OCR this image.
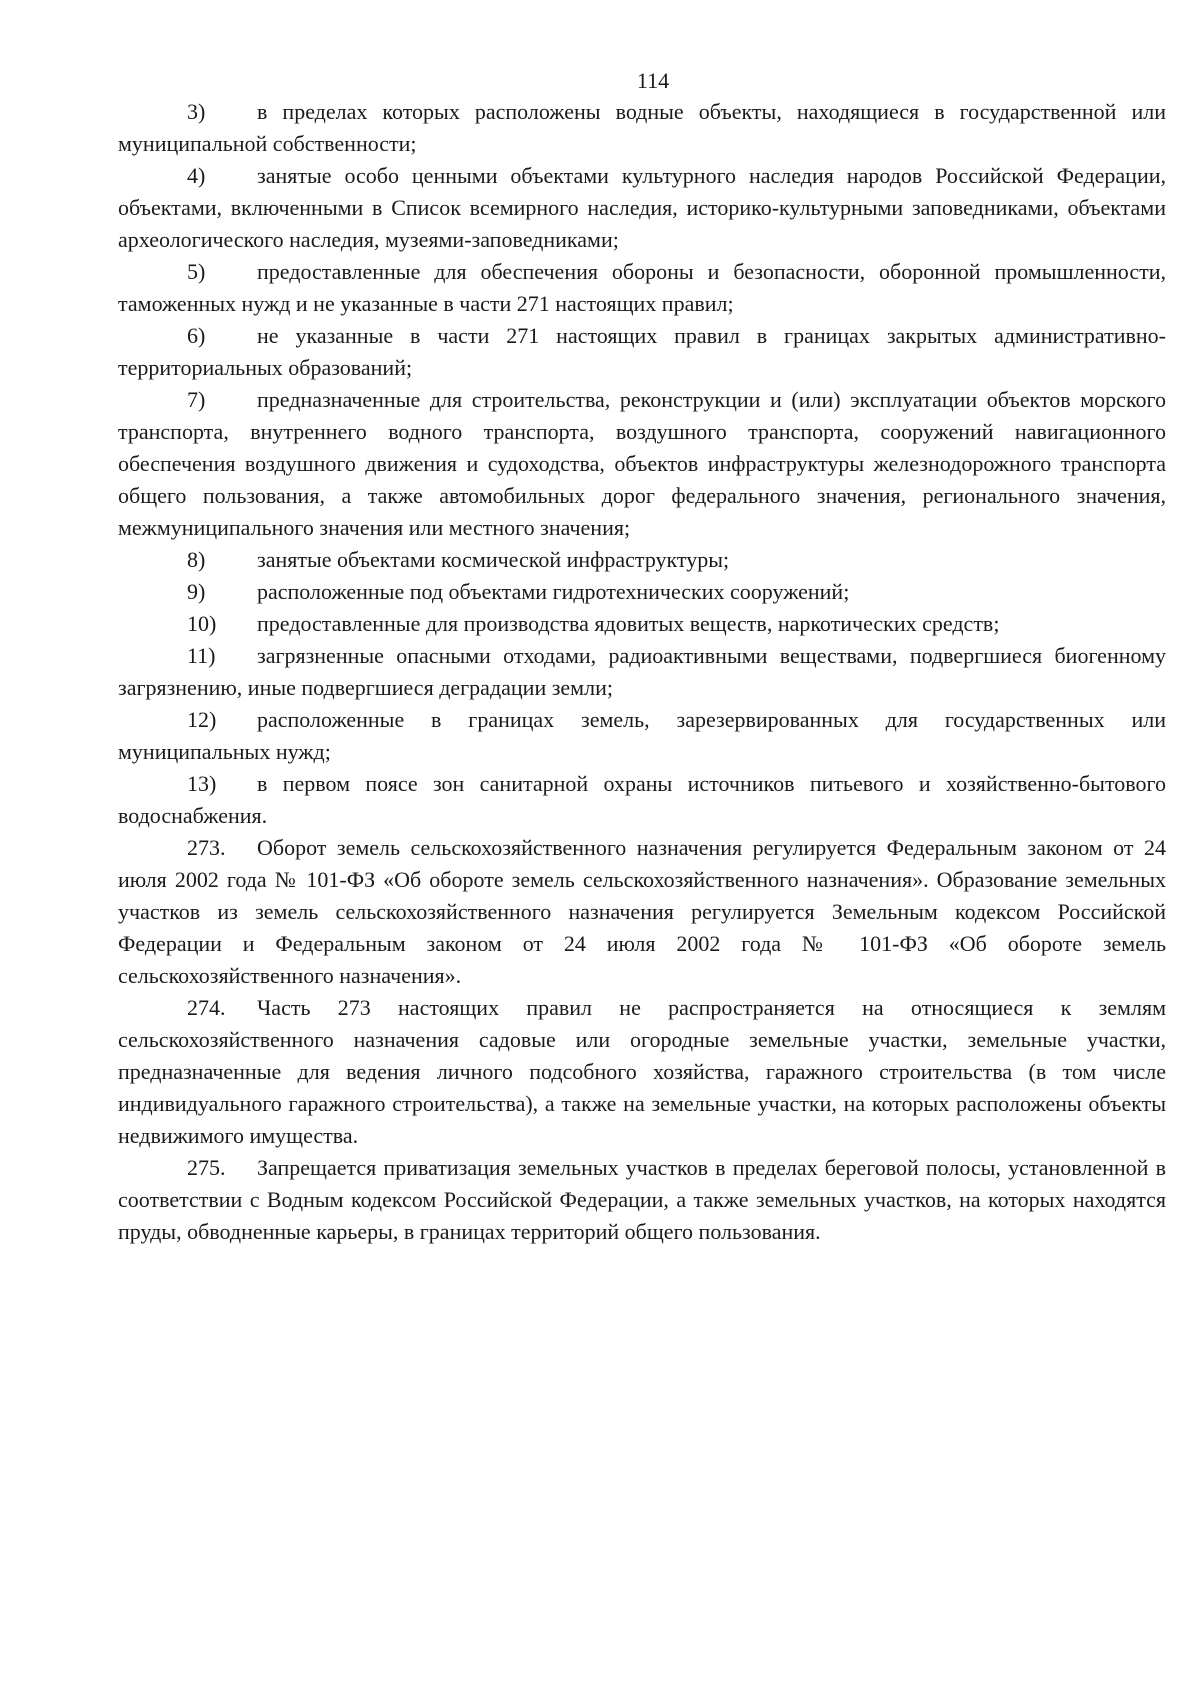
114

3) в пределах которых расположены водные объекты, находящиеся в государственной или муниципальной собственности;

4) занятые особо ценными объектами культурного наследия народов Российской Федерации, объектами, включенными в Список всемирного наследия, историко-культурными заповедниками, объектами археологического наследия, музеями-заповедниками;

5) предоставленные для обеспечения обороны и безопасности, оборонной промышленности, таможенных нужд и не указанные в части 271 настоящих правил;

6) не указанные в части 271 настоящих правил в границах закрытых административно-территориальных образований;

7) предназначенные для строительства, реконструкции и (или) эксплуатации объектов морского транспорта, внутреннего водного транспорта, воздушного транспорта, сооружений навигационного обеспечения воздушного движения и судоходства, объектов инфраструктуры железнодорожного транспорта общего пользования, а также автомобильных дорог федерального значения, регионального значения, межмуниципального значения или местного значения;

8) занятые объектами космической инфраструктуры;

9) расположенные под объектами гидротехнических сооружений;

10) предоставленные для производства ядовитых веществ, наркотических средств;

11) загрязненные опасными отходами, радиоактивными веществами, подвергшиеся биогенному загрязнению, иные подвергшиеся деградации земли;

12) расположенные в границах земель, зарезервированных для государственных или муниципальных нужд;

13) в первом поясе зон санитарной охраны источников питьевого и хозяйственно-бытового водоснабжения.

273. Оборот земель сельскохозяйственного назначения регулируется Федеральным законом от 24 июля 2002 года № 101-ФЗ «Об обороте земель сельскохозяйственного назначения». Образование земельных участков из земель сельскохозяйственного назначения регулируется Земельным кодексом Российской Федерации и Федеральным законом от 24 июля 2002 года № 101-ФЗ «Об обороте земель сельскохозяйственного назначения».

274. Часть 273 настоящих правил не распространяется на относящиеся к землям сельскохозяйственного назначения садовые или огородные земельные участки, земельные участки, предназначенные для ведения личного подсобного хозяйства, гаражного строительства (в том числе индивидуального гаражного строительства), а также на земельные участки, на которых расположены объекты недвижимого имущества.

275. Запрещается приватизация земельных участков в пределах береговой полосы, установленной в соответствии с Водным кодексом Российской Федерации, а также земельных участков, на которых находятся пруды, обводненные карьеры, в границах территорий общего пользования.
